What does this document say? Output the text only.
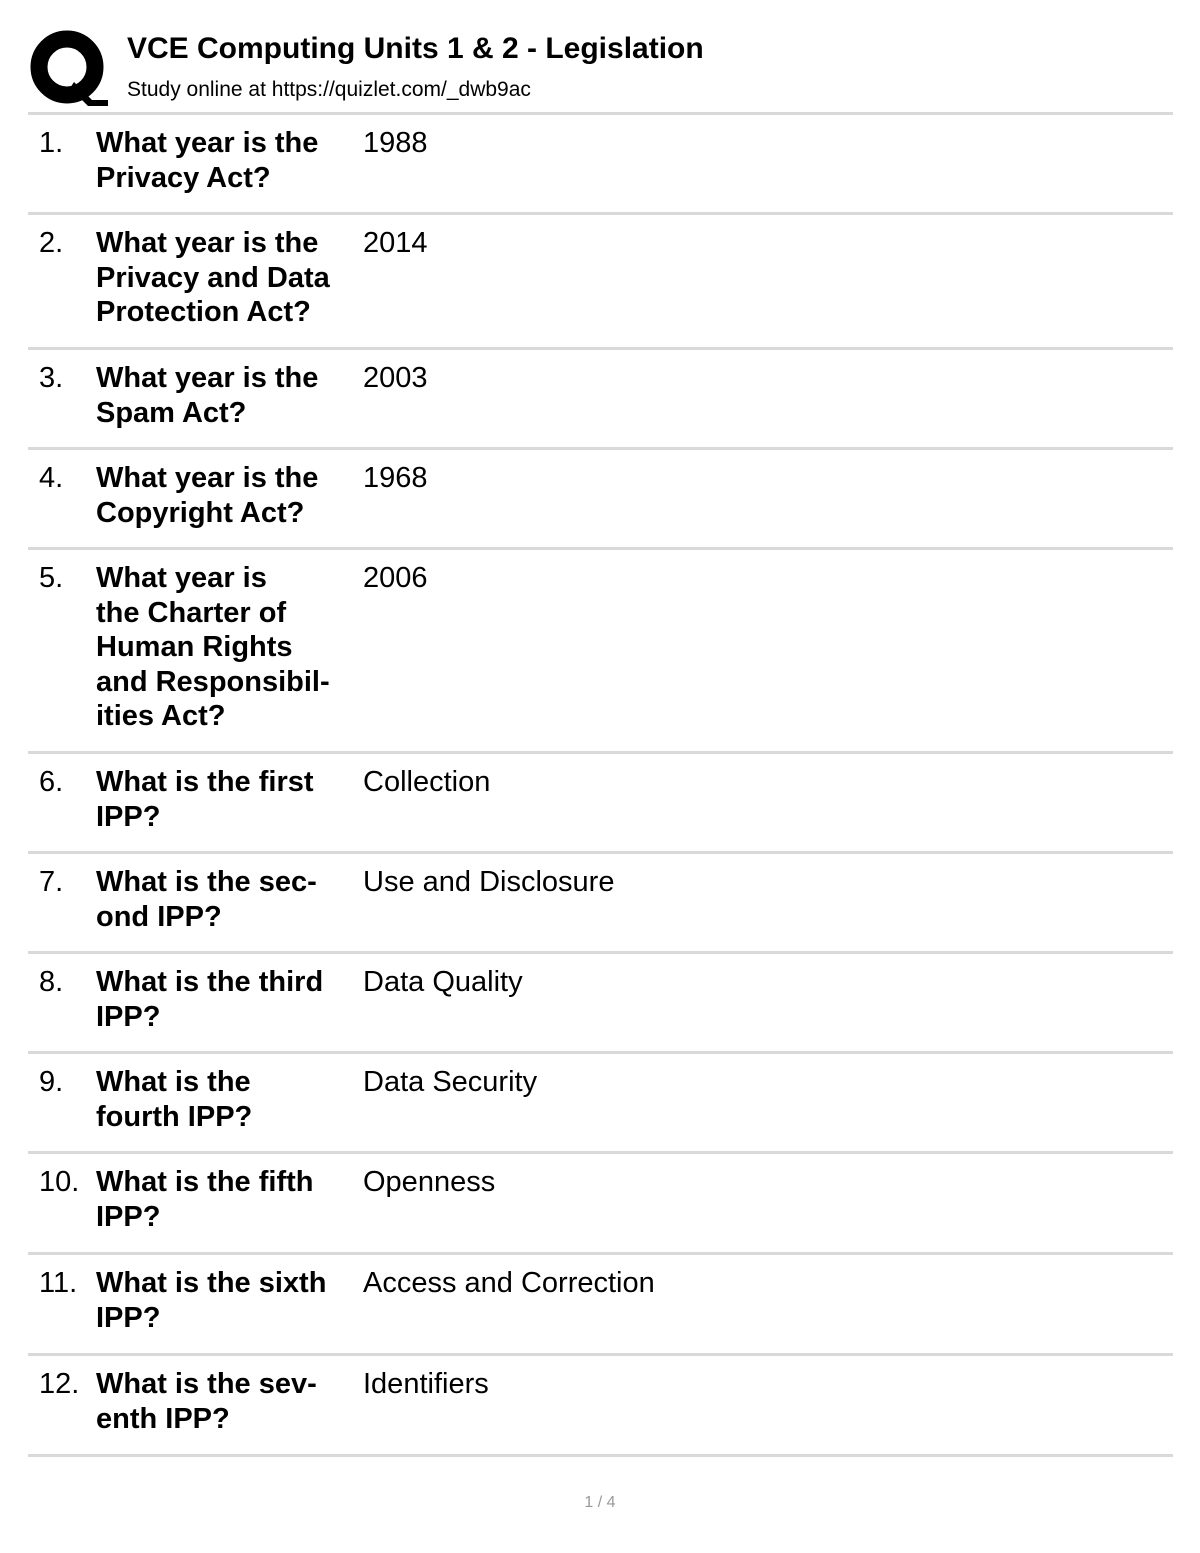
VCE Computing Units 1 & 2 - Legislation
Study online at https://quizlet.com/_dwb9ac
1. What year is the
Privacy Act?
1988
2. What year is the
Privacy and Data
Protection Act?
2014
3. What year is the
Spam Act?
2003
4. What year is the
Copyright Act?
1968
5. What year is
the Charter of
Human Rights
and Responsibil-
ities Act?
2006
6. What is the first
IPP?
Collection
7. What is the sec-
ond IPP?
Use and Disclosure
8. What is the third
IPP?
Data Quality
9. What is the
fourth IPP?
Data Security
10. What is the fifth
IPP?
Openness
11. What is the sixth
IPP?
Access and Correction
12. What is the sev-
enth IPP?
Identifiers
1 / 4
